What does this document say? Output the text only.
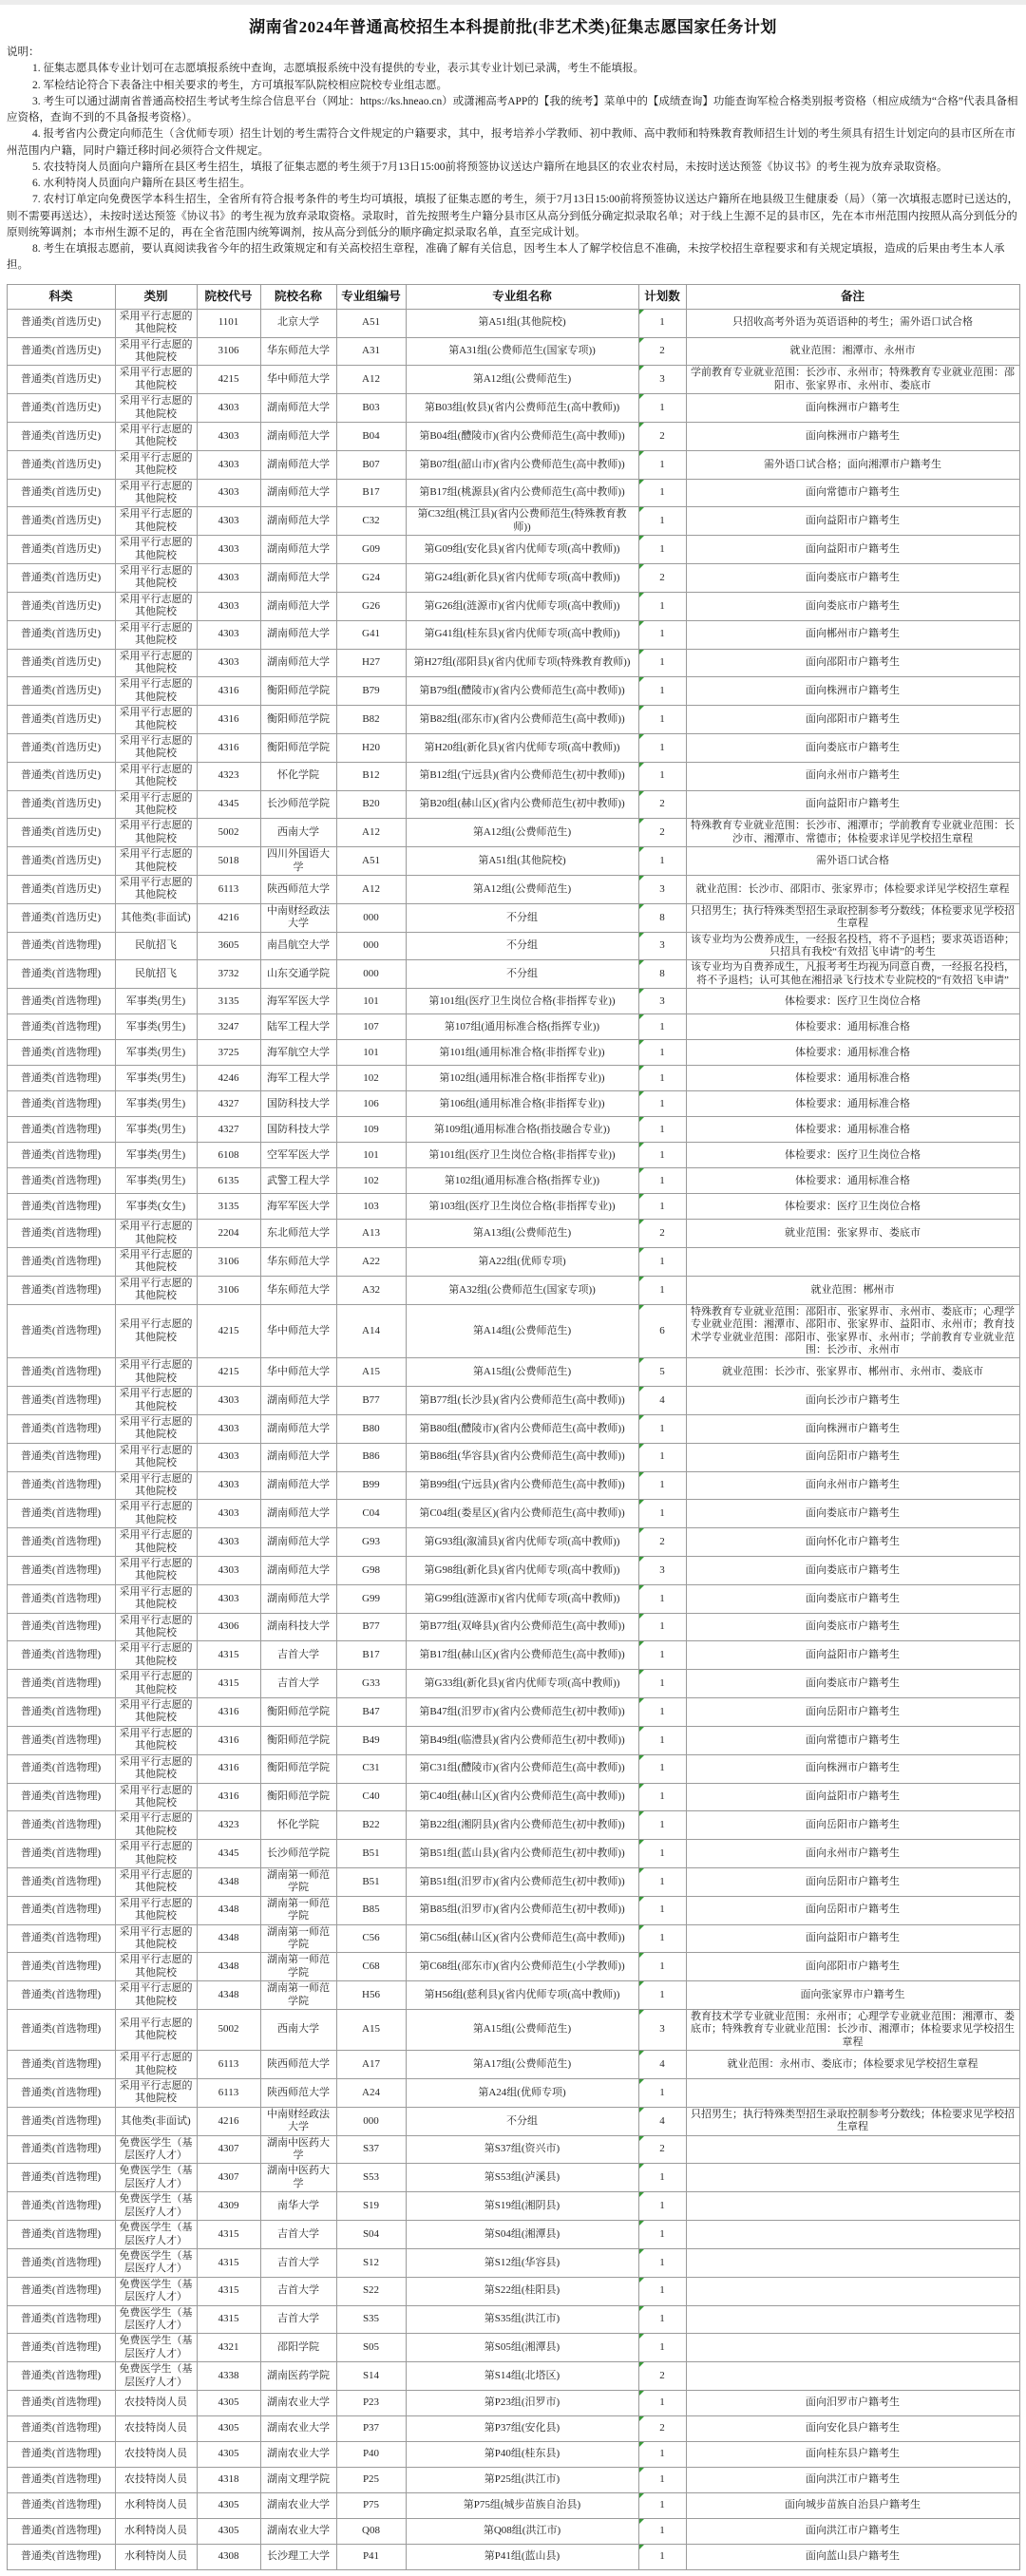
湖南省2024年普通高校招生本科提前批(非艺术类)征集志愿国家任务计划

说明：

1. 征集志愿具体专业计划可在志愿填报系统中查询，志愿填报系统中没有提供的专业，表示其专业计划已录满，考生不能填报。

2. 军检结论符合下表备注中相关要求的考生，方可填报军队院校相应院校专业组志愿。

3. 考生可以通过湖南省普通高校招生考试考生综合信息平台（网址：https://ks.hneao.cn）或潇湘高考APP的【我的统考】菜单中的【成绩查询】功能查询军检合格类别报考资格（相应成绩为“合格”代表具备相应资格，查询不到的不具备报考资格）。

4. 报考省内公费定向师范生（含优师专项）招生计划的考生需符合文件规定的户籍要求，其中，报考培养小学教师、初中教师、高中教师和特殊教育教师招生计划的考生须具有招生计划定向的县市区所在市州范围内户籍，同时户籍迁移时间必须符合文件规定。

5. 农技特岗人员面向户籍所在县区考生招生，填报了征集志愿的考生须于7月13日15:00前将预签协议送达户籍所在地县区的农业农村局，未按时送达预签《协议书》的考生视为放弃录取资格。

6. 水利特岗人员面向户籍所在县区考生招生。

7. 农村订单定向免费医学本科生招生，全省所有符合报考条件的考生均可填报，填报了征集志愿的考生，须于7月13日15:00前将预签协议送达户籍所在地县级卫生健康委（局）（第一次填报志愿时已送达的，则不需要再送达），未按时送达预签《协议书》的考生视为放弃录取资格。录取时，首先按照考生户籍分县市区从高分到低分确定拟录取名单；对于线上生源不足的县市区，先在本市州范围内按照从高分到低分的原则统筹调剂；本市州生源不足的，再在全省范围内统筹调剂，按从高分到低分的顺序确定拟录取名单，直至完成计划。

8. 考生在填报志愿前，要认真阅读我省今年的招生政策规定和有关高校招生章程，准确了解有关信息，因考生本人了解学校信息不准确，未按学校招生章程要求和有关规定填报，造成的后果由考生本人承担。

科类	类别	院校代号	院校名称	专业组编号	专业组名称	计划数	备注
普通类(首选历史)	采用平行志愿的其他院校	1101	北京大学	A51	第A51组(其他院校)	1	只招收高考外语为英语语种的考生；需外语口试合格
普通类(首选历史)	采用平行志愿的其他院校	3106	华东师范大学	A31	第A31组(公费师范生(国家专项))	2	就业范围：湘潭市、永州市
普通类(首选历史)	采用平行志愿的其他院校	4215	华中师范大学	A12	第A12组(公费师范生)	3	学前教育专业就业范围：长沙市、永州市；特殊教育专业就业范围：邵阳市、张家界市、永州市、娄底市
普通类(首选历史)	采用平行志愿的其他院校	4303	湖南师范大学	B03	第B03组(攸县)(省内公费师范生(高中教师))	1	面向株洲市户籍考生
普通类(首选历史)	采用平行志愿的其他院校	4303	湖南师范大学	B04	第B04组(醴陵市)(省内公费师范生(高中教师))	2	面向株洲市户籍考生
普通类(首选历史)	采用平行志愿的其他院校	4303	湖南师范大学	B07	第B07组(韶山市)(省内公费师范生(高中教师))	1	需外语口试合格；面向湘潭市户籍考生
普通类(首选历史)	采用平行志愿的其他院校	4303	湖南师范大学	B17	第B17组(桃源县)(省内公费师范生(高中教师))	1	面向常德市户籍考生
普通类(首选历史)	采用平行志愿的其他院校	4303	湖南师范大学	C32	第C32组(桃江县)(省内公费师范生(特殊教育教师))	1	面向益阳市户籍考生
普通类(首选历史)	采用平行志愿的其他院校	4303	湖南师范大学	G09	第G09组(安化县)(省内优师专项(高中教师))	1	面向益阳市户籍考生
普通类(首选历史)	采用平行志愿的其他院校	4303	湖南师范大学	G24	第G24组(新化县)(省内优师专项(高中教师))	2	面向娄底市户籍考生
普通类(首选历史)	采用平行志愿的其他院校	4303	湖南师范大学	G26	第G26组(涟源市)(省内优师专项(高中教师))	1	面向娄底市户籍考生
普通类(首选历史)	采用平行志愿的其他院校	4303	湖南师范大学	G41	第G41组(桂东县)(省内优师专项(高中教师))	1	面向郴州市户籍考生
普通类(首选历史)	采用平行志愿的其他院校	4303	湖南师范大学	H27	第H27组(邵阳县)(省内优师专项(特殊教育教师))	1	面向邵阳市户籍考生
普通类(首选历史)	采用平行志愿的其他院校	4316	衡阳师范学院	B79	第B79组(醴陵市)(省内公费师范生(高中教师))	1	面向株洲市户籍考生
普通类(首选历史)	采用平行志愿的其他院校	4316	衡阳师范学院	B82	第B82组(邵东市)(省内公费师范生(高中教师))	1	面向邵阳市户籍考生
普通类(首选历史)	采用平行志愿的其他院校	4316	衡阳师范学院	H20	第H20组(新化县)(省内优师专项(高中教师))	1	面向娄底市户籍考生
普通类(首选历史)	采用平行志愿的其他院校	4323	怀化学院	B12	第B12组(宁远县)(省内公费师范生(初中教师))	1	面向永州市户籍考生
普通类(首选历史)	采用平行志愿的其他院校	4345	长沙师范学院	B20	第B20组(赫山区)(省内公费师范生(初中教师))	2	面向益阳市户籍考生
普通类(首选历史)	采用平行志愿的其他院校	5002	西南大学	A12	第A12组(公费师范生)	2	特殊教育专业就业范围：长沙市、湘潭市；学前教育专业就业范围：长沙市、湘潭市、常德市；体检要求详见学校招生章程
普通类(首选历史)	采用平行志愿的其他院校	5018	四川外国语大学	A51	第A51组(其他院校)	1	需外语口试合格
普通类(首选历史)	采用平行志愿的其他院校	6113	陕西师范大学	A12	第A12组(公费师范生)	3	就业范围：长沙市、邵阳市、张家界市；体检要求详见学校招生章程
普通类(首选历史)	其他类(非面试)	4216	中南财经政法大学	000	不分组	8	只招男生；执行特殊类型招生录取控制参考分数线；体检要求见学校招生章程
普通类(首选物理)	民航招飞	3605	南昌航空大学	000	不分组	3	该专业均为公费养成生，一经报名投档，将不予退档；要求英语语种；只招具有我校“有效招飞申请”的考生
普通类(首选物理)	民航招飞	3732	山东交通学院	000	不分组	8	该专业均为自费养成生，凡报考考生均视为同意自费，一经报名投档，将不予退档；认可其他在湘招录飞行技术专业院校的“有效招飞申请”
普通类(首选物理)	军事类(男生)	3135	海军军医大学	101	第101组(医疗卫生岗位合格(非指挥专业))	3	体检要求：医疗卫生岗位合格
普通类(首选物理)	军事类(男生)	3247	陆军工程大学	107	第107组(通用标准合格(指挥专业))	1	体检要求：通用标准合格
普通类(首选物理)	军事类(男生)	3725	海军航空大学	101	第101组(通用标准合格(非指挥专业))	1	体检要求：通用标准合格
普通类(首选物理)	军事类(男生)	4246	海军工程大学	102	第102组(通用标准合格(非指挥专业))	1	体检要求：通用标准合格
普通类(首选物理)	军事类(男生)	4327	国防科技大学	106	第106组(通用标准合格(非指挥专业))	1	体检要求：通用标准合格
普通类(首选物理)	军事类(男生)	4327	国防科技大学	109	第109组(通用标准合格(指技融合专业))	1	体检要求：通用标准合格
普通类(首选物理)	军事类(男生)	6108	空军军医大学	101	第101组(医疗卫生岗位合格(非指挥专业))	1	体检要求：医疗卫生岗位合格
普通类(首选物理)	军事类(男生)	6135	武警工程大学	102	第102组(通用标准合格(指挥专业))	1	体检要求：通用标准合格
普通类(首选物理)	军事类(女生)	3135	海军军医大学	103	第103组(医疗卫生岗位合格(非指挥专业))	1	体检要求：医疗卫生岗位合格
普通类(首选物理)	采用平行志愿的其他院校	2204	东北师范大学	A13	第A13组(公费师范生)	2	就业范围：张家界市、娄底市
普通类(首选物理)	采用平行志愿的其他院校	3106	华东师范大学	A22	第A22组(优师专项)	1	
普通类(首选物理)	采用平行志愿的其他院校	3106	华东师范大学	A32	第A32组(公费师范生(国家专项))	1	就业范围：郴州市
普通类(首选物理)	采用平行志愿的其他院校	4215	华中师范大学	A14	第A14组(公费师范生)	6	特殊教育专业就业范围：邵阳市、张家界市、永州市、娄底市；心理学专业就业范围：湘潭市、邵阳市、张家界市、益阳市、永州市；教育技术学专业就业范围：邵阳市、张家界市、永州市；学前教育专业就业范围：长沙市、永州市
普通类(首选物理)	采用平行志愿的其他院校	4215	华中师范大学	A15	第A15组(公费师范生)	5	就业范围：长沙市、张家界市、郴州市、永州市、娄底市
普通类(首选物理)	采用平行志愿的其他院校	4303	湖南师范大学	B77	第B77组(长沙县)(省内公费师范生(高中教师))	4	面向长沙市户籍考生
普通类(首选物理)	采用平行志愿的其他院校	4303	湖南师范大学	B80	第B80组(醴陵市)(省内公费师范生(高中教师))	1	面向株洲市户籍考生
普通类(首选物理)	采用平行志愿的其他院校	4303	湖南师范大学	B86	第B86组(华容县)(省内公费师范生(高中教师))	1	面向岳阳市户籍考生
普通类(首选物理)	采用平行志愿的其他院校	4303	湖南师范大学	B99	第B99组(宁远县)(省内公费师范生(高中教师))	1	面向永州市户籍考生
普通类(首选物理)	采用平行志愿的其他院校	4303	湖南师范大学	C04	第C04组(娄星区)(省内公费师范生(高中教师))	1	面向娄底市户籍考生
普通类(首选物理)	采用平行志愿的其他院校	4303	湖南师范大学	G93	第G93组(溆浦县)(省内优师专项(高中教师))	2	面向怀化市户籍考生
普通类(首选物理)	采用平行志愿的其他院校	4303	湖南师范大学	G98	第G98组(新化县)(省内优师专项(高中教师))	3	面向娄底市户籍考生
普通类(首选物理)	采用平行志愿的其他院校	4303	湖南师范大学	G99	第G99组(涟源市)(省内优师专项(高中教师))	1	面向娄底市户籍考生
普通类(首选物理)	采用平行志愿的其他院校	4306	湖南科技大学	B77	第B77组(双峰县)(省内公费师范生(高中教师))	1	面向娄底市户籍考生
普通类(首选物理)	采用平行志愿的其他院校	4315	吉首大学	B17	第B17组(赫山区)(省内公费师范生(高中教师))	1	面向益阳市户籍考生
普通类(首选物理)	采用平行志愿的其他院校	4315	吉首大学	G33	第G33组(新化县)(省内优师专项(高中教师))	1	面向娄底市户籍考生
普通类(首选物理)	采用平行志愿的其他院校	4316	衡阳师范学院	B47	第B47组(汨罗市)(省内公费师范生(初中教师))	1	面向岳阳市户籍考生
普通类(首选物理)	采用平行志愿的其他院校	4316	衡阳师范学院	B49	第B49组(临澧县)(省内公费师范生(初中教师))	1	面向常德市户籍考生
普通类(首选物理)	采用平行志愿的其他院校	4316	衡阳师范学院	C31	第C31组(醴陵市)(省内公费师范生(高中教师))	1	面向株洲市户籍考生
普通类(首选物理)	采用平行志愿的其他院校	4316	衡阳师范学院	C40	第C40组(赫山区)(省内公费师范生(高中教师))	1	面向益阳市户籍考生
普通类(首选物理)	采用平行志愿的其他院校	4323	怀化学院	B22	第B22组(湘阴县)(省内公费师范生(初中教师))	1	面向岳阳市户籍考生
普通类(首选物理)	采用平行志愿的其他院校	4345	长沙师范学院	B51	第B51组(蓝山县)(省内公费师范生(初中教师))	1	面向永州市户籍考生
普通类(首选物理)	采用平行志愿的其他院校	4348	湖南第一师范学院	B51	第B51组(汨罗市)(省内公费师范生(初中教师))	1	面向岳阳市户籍考生
普通类(首选物理)	采用平行志愿的其他院校	4348	湖南第一师范学院	B85	第B85组(汨罗市)(省内公费师范生(初中教师))	1	面向岳阳市户籍考生
普通类(首选物理)	采用平行志愿的其他院校	4348	湖南第一师范学院	C56	第C56组(赫山区)(省内公费师范生(高中教师))	1	面向益阳市户籍考生
普通类(首选物理)	采用平行志愿的其他院校	4348	湖南第一师范学院	C68	第C68组(邵东市)(省内公费师范生(小学教师))	1	面向邵阳市户籍考生
普通类(首选物理)	采用平行志愿的其他院校	4348	湖南第一师范学院	H56	第H56组(慈利县)(省内优师专项(高中教师))	1	面向张家界市户籍考生
普通类(首选物理)	采用平行志愿的其他院校	5002	西南大学	A15	第A15组(公费师范生)	3	教育技术学专业就业范围：永州市；心理学专业就业范围：湘潭市、娄底市；特殊教育专业就业范围：长沙市、湘潭市；体检要求见学校招生章程
普通类(首选物理)	采用平行志愿的其他院校	6113	陕西师范大学	A17	第A17组(公费师范生)	4	就业范围：永州市、娄底市；体检要求见学校招生章程
普通类(首选物理)	采用平行志愿的其他院校	6113	陕西师范大学	A24	第A24组(优师专项)	1	
普通类(首选物理)	其他类(非面试)	4216	中南财经政法大学	000	不分组	4	只招男生；执行特殊类型招生录取控制参考分数线；体检要求见学校招生章程
普通类(首选物理)	免费医学生（基层医疗人才）	4307	湖南中医药大学	S37	第S37组(资兴市)	2	
普通类(首选物理)	免费医学生（基层医疗人才）	4307	湖南中医药大学	S53	第S53组(泸溪县)	1	
普通类(首选物理)	免费医学生（基层医疗人才）	4309	南华大学	S19	第S19组(湘阴县)	1	
普通类(首选物理)	免费医学生（基层医疗人才）	4315	吉首大学	S04	第S04组(湘潭县)	1	
普通类(首选物理)	免费医学生（基层医疗人才）	4315	吉首大学	S12	第S12组(华容县)	1	
普通类(首选物理)	免费医学生（基层医疗人才）	4315	吉首大学	S22	第S22组(桂阳县)	1	
普通类(首选物理)	免费医学生（基层医疗人才）	4315	吉首大学	S35	第S35组(洪江市)	1	
普通类(首选物理)	免费医学生（基层医疗人才）	4321	邵阳学院	S05	第S05组(湘潭县)	1	
普通类(首选物理)	免费医学生（基层医疗人才）	4338	湖南医药学院	S14	第S14组(北塔区)	2	
普通类(首选物理)	农技特岗人员	4305	湖南农业大学	P23	第P23组(汨罗市)	1	面向汨罗市户籍考生
普通类(首选物理)	农技特岗人员	4305	湖南农业大学	P37	第P37组(安化县)	2	面向安化县户籍考生
普通类(首选物理)	农技特岗人员	4305	湖南农业大学	P40	第P40组(桂东县)	1	面向桂东县户籍考生
普通类(首选物理)	农技特岗人员	4318	湖南文理学院	P25	第P25组(洪江市)	1	面向洪江市户籍考生
普通类(首选物理)	水利特岗人员	4305	湖南农业大学	P75	第P75组(城步苗族自治县)	1	面向城步苗族自治县户籍考生
普通类(首选物理)	水利特岗人员	4305	湖南农业大学	Q08	第Q08组(洪江市)	1	面向洪江市户籍考生
普通类(首选物理)	水利特岗人员	4308	长沙理工大学	P41	第P41组(蓝山县)	1	面向蓝山县户籍考生
